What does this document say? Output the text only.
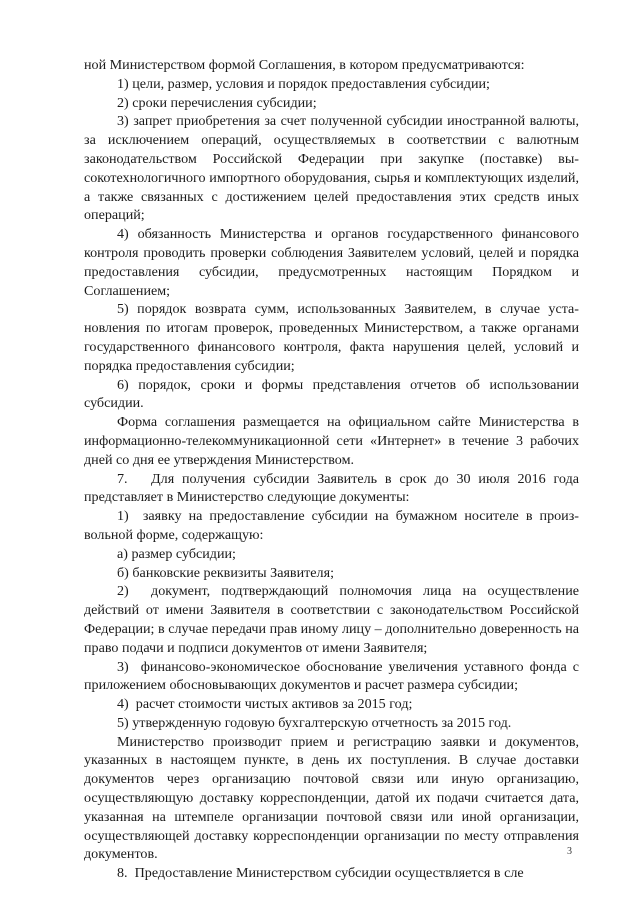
ной Министерством формой Соглашения, в котором предусматриваются:

1) цели, размер, условия и порядок предоставления субсидии;

2) сроки перечисления субсидии;

3) запрет приобретения за счет полученной субсидии иностранной валюты, за исключением операций, осуществляемых в соответствии с валютным законодательством Российской Федерации при закупке (поставке) высокотехнологичного импортного оборудования, сырья и комплектующих изделий, а также связанных с достижением целей предоставления этих средств иных операций;

4) обязанность Министерства и органов государственного финансового контроля проводить проверки соблюдения Заявителем условий, целей и порядка предоставления субсидии, предусмотренных настоящим Порядком и Соглашением;

5) порядок возврата сумм, использованных Заявителем, в случае установления по итогам проверок, проведенных Министерством, а также органами государственного финансового контроля, факта нарушения целей, условий и порядка предоставления субсидии;

6) порядок, сроки и формы представления отчетов об использовании субсидии.

Форма соглашения размещается на официальном сайте Министерства в информационно-телекоммуникационной сети «Интернет» в течение 3 рабочих дней со дня ее утверждения Министерством.

7.   Для получения субсидии Заявитель в срок до 30 июля 2016 года представляет в Министерство следующие документы:

1)  заявку на предоставление субсидии на бумажном носителе в произвольной форме, содержащую:

а) размер субсидии;

б) банковские реквизиты Заявителя;

2)  документ, подтверждающий полномочия лица на осуществление действий от имени Заявителя в соответствии с законодательством Российской Федерации; в случае передачи прав иному лицу – дополнительно доверенность на право подачи и подписи документов от имени Заявителя;

3)  финансово-экономическое обоснование увеличения уставного фонда с приложением обосновывающих документов и расчет размера субсидии;

4)  расчет стоимости чистых активов за 2015 год;

5) утвержденную годовую бухгалтерскую отчетность за 2015 год.

Министерство производит прием и регистрацию заявки и документов, указанных в настоящем пункте, в день их поступления. В случае доставки документов через организацию почтовой связи или иную организацию, осуществляющую доставку корреспонденции, датой их подачи считается дата, указанная на штемпеле организации почтовой связи или иной организации, осуществляющей доставку корреспонденции организации по месту отправления документов.

8.  Предоставление Министерством субсидии осуществляется в сле

3
